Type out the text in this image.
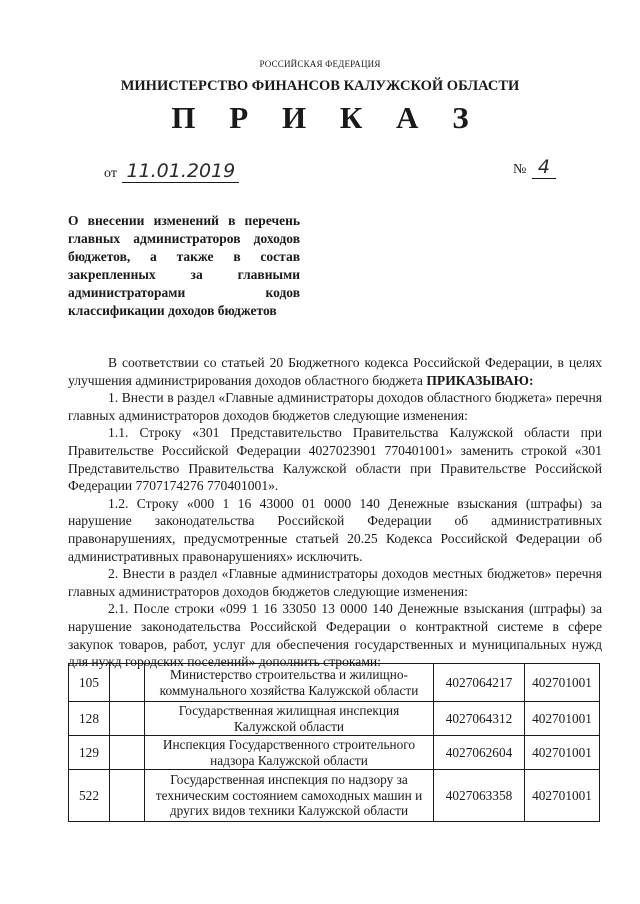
РОССИЙСКАЯ ФЕДЕРАЦИЯ
МИНИСТЕРСТВО ФИНАНСОВ КАЛУЖСКОЙ ОБЛАСТИ
П Р И К А З
от 11.01.2019	№ 4
О внесении изменений в перечень
главных администраторов доходов
бюджетов, а также в состав
закрепленных за главными
администраторами кодов
классификации доходов бюджетов

В соответствии со статьей 20 Бюджетного кодекса Российской Федерации, в целях улучшения администрирования доходов областного бюджета ПРИКАЗЫВАЮ:

1. Внести в раздел «Главные администраторы доходов областного бюджета» перечня главных администраторов доходов бюджетов следующие изменения:

1.1. Строку «301 Представительство Правительства Калужской области при Правительстве Российской Федерации 4027023901 770401001» заменить строкой «301 Представительство Правительства Калужской области при Правительстве Российской Федерации 7707174276 770401001».

1.2. Строку «000 1 16 43000 01 0000 140 Денежные взыскания (штрафы) за нарушение законодательства Российской Федерации об административных правонарушениях, предусмотренные статьей 20.25 Кодекса Российской Федерации об административных правонарушениях» исключить.

2. Внести в раздел «Главные администраторы доходов местных бюджетов» перечня главных администраторов доходов бюджетов следующие изменения:

2.1. После строки «099 1 16 33050 13 0000 140 Денежные взыскания (штрафы) за нарушение законодательства Российской Федерации о контрактной системе в сфере закупок товаров, работ, услуг для обеспечения государственных и муниципальных нужд для нужд городских поселений» дополнить строками:

105		Министерство строительства и жилищно-коммунального хозяйства Калужской области	4027064217	402701001
128		Государственная жилищная инспекция Калужской области	4027064312	402701001
129		Инспекция Государственного строительного надзора Калужской области	4027062604	402701001
522		Государственная инспекция по надзору за техническим состоянием самоходных машин и других видов техники Калужской области	4027063358	402701001
